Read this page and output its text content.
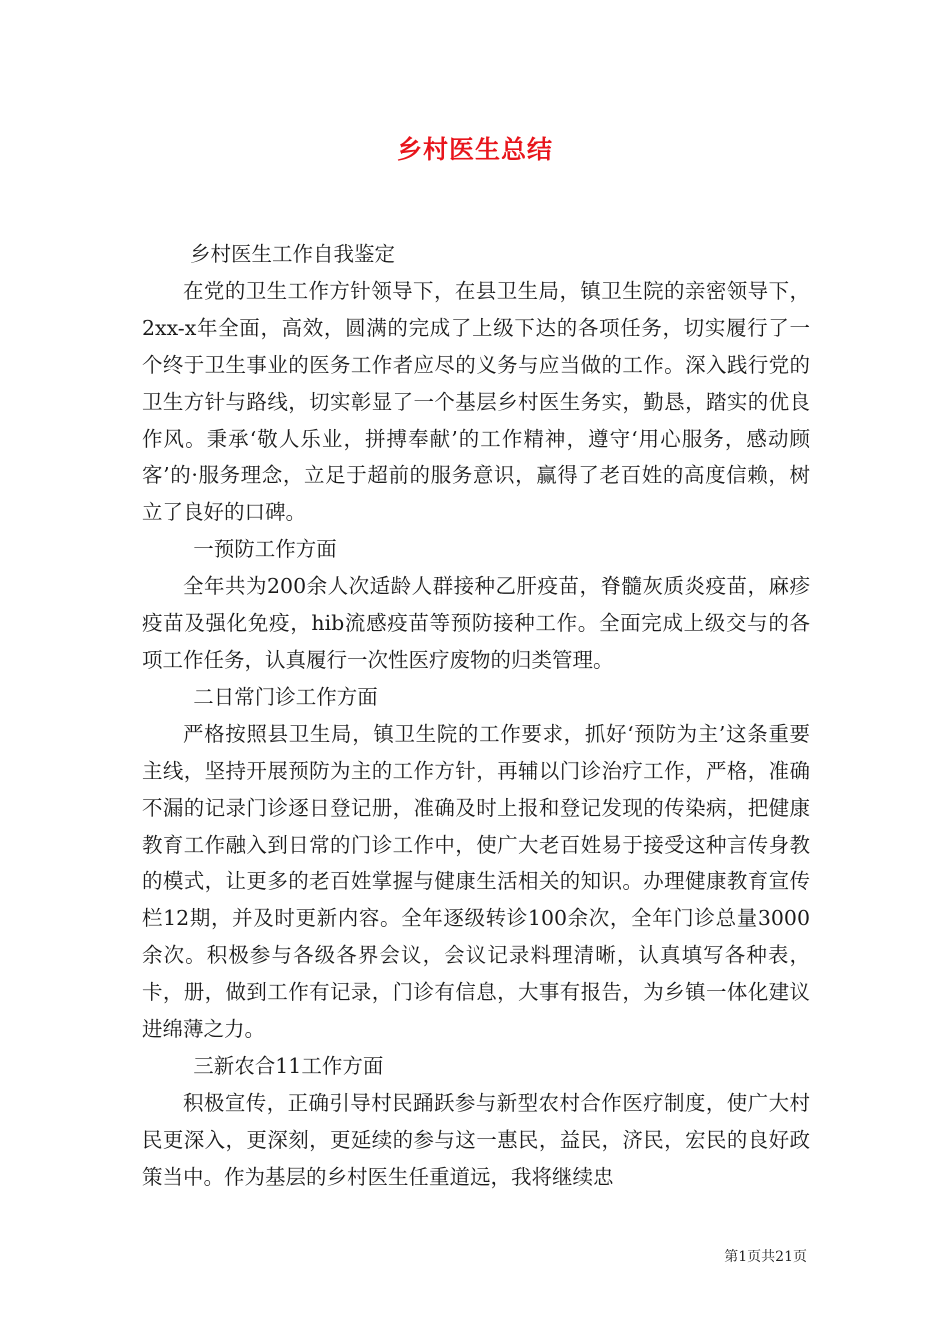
乡村医生总结

乡村医生工作自我鉴定

在党的卫生工作方针领导下，在县卫生局，镇卫生院的亲密领导下，2xx-x年全面，高效，圆满的完成了上级下达的各项任务，切实履行了一个终于卫生事业的医务工作者应尽的义务与应当做的工作。深入践行党的卫生方针与路线，切实彰显了一个基层乡村医生务实，勤恳，踏实的优良作风。秉承‘敬人乐业，拼搏奉献’的工作精神，遵守‘用心服务，感动顾客’的·服务理念，立足于超前的服务意识，赢得了老百姓的高度信赖，树立了良好的口碑。

一预防工作方面

全年共为200余人次适龄人群接种乙肝疫苗，脊髓灰质炎疫苗，麻疹疫苗及强化免疫，hib流感疫苗等预防接种工作。全面完成上级交与的各项工作任务，认真履行一次性医疗废物的归类管理。

二日常门诊工作方面

严格按照县卫生局，镇卫生院的工作要求，抓好‘预防为主’这条重要主线，坚持开展预防为主的工作方针，再辅以门诊治疗工作，严格，准确不漏的记录门诊逐日登记册，准确及时上报和登记发现的传染病，把健康教育工作融入到日常的门诊工作中，使广大老百姓易于接受这种言传身教的模式，让更多的老百姓掌握与健康生活相关的知识。办理健康教育宣传栏12期，并及时更新内容。全年逐级转诊100余次，全年门诊总量3000余次。积极参与各级各界会议，会议记录料理清晰，认真填写各种表，卡，册，做到工作有记录，门诊有信息，大事有报告，为乡镇一体化建议进绵薄之力。

三新农合11工作方面

积极宣传，正确引导村民踊跃参与新型农村合作医疗制度，使广大村民更深入，更深刻，更延续的参与这一惠民，益民，济民，宏民的良好政策当中。作为基层的乡村医生任重道远，我将继续忠

第1页共21页
